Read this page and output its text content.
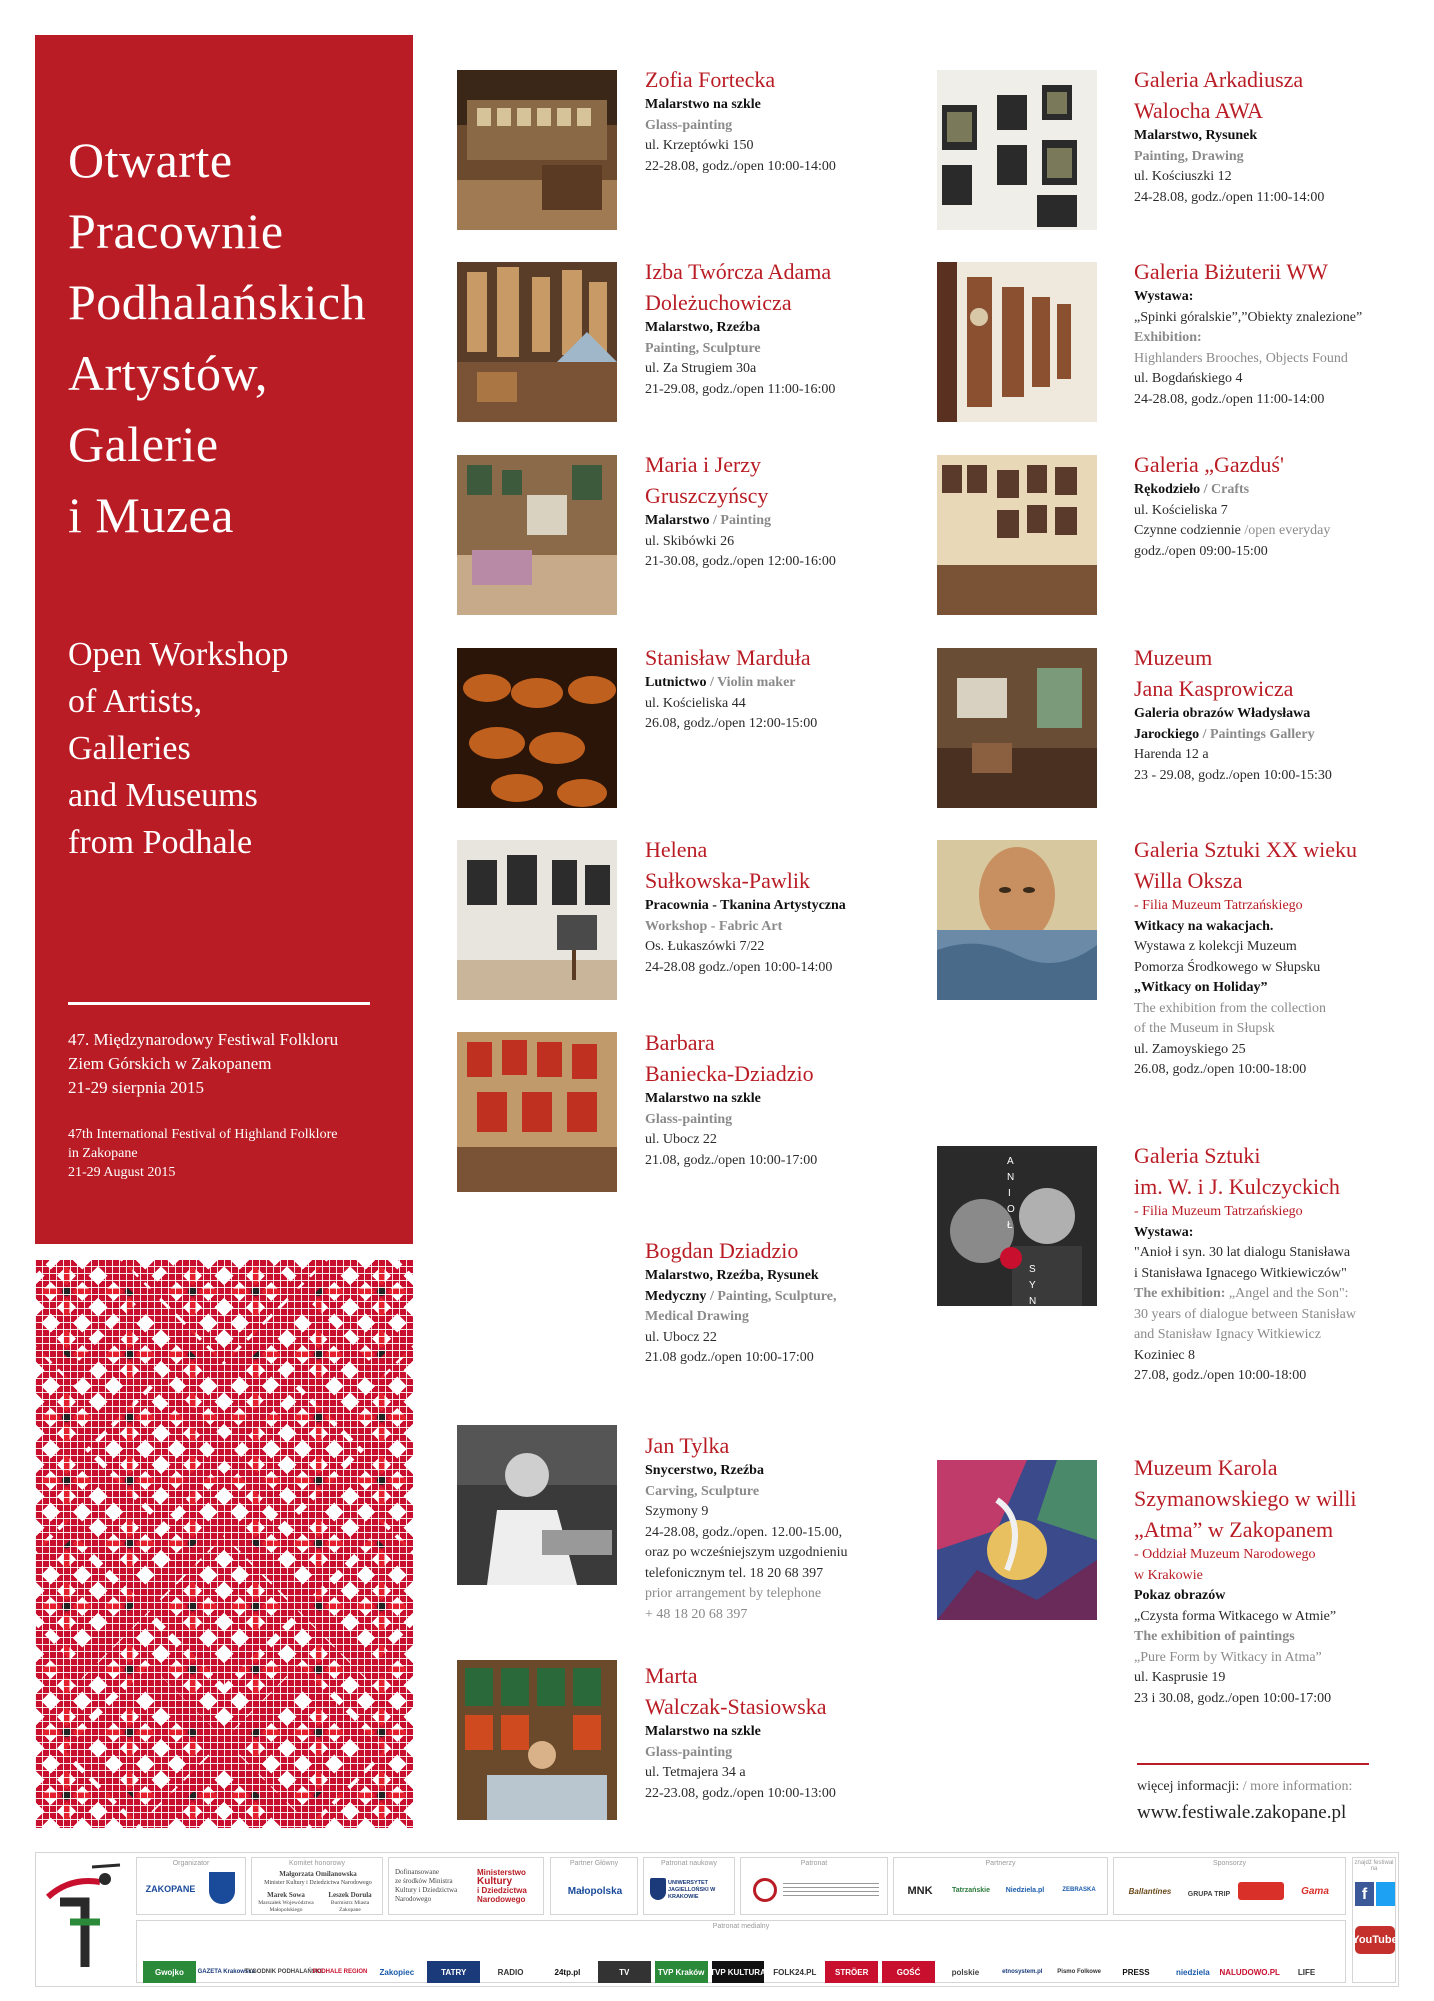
Otwarte
Pracownie
Podhalańskich
Artystów,
Galerie
i Muzea
Open Workshop
of Artists,
Galleries
and Museums
from Podhale
47. Międzynarodowy Festiwal Folkloru
Ziem Górskich w Zakopanem
21-29 sierpnia 2015
47th International Festival of Highland Folklore
in Zakopane
21-29 August 2015
A
N
I
O
Ł
S
Y
N
Zofia Fortecka
Malarstwo na szkle
Glass-painting
ul. Krzeptówki 150
22-28.08, godz./open 10:00-14:00
Izba Twórcza Adama
Doleżuchowicza
Malarstwo, Rzeźba
Painting, Sculpture
ul. Za Strugiem 30a
21-29.08, godz./open 11:00-16:00
Maria i Jerzy
Gruszczyńscy
Malarstwo / Painting
ul. Skibówki 26
21-30.08, godz./open 12:00-16:00
Stanisław Marduła
Lutnictwo / Violin maker
ul. Kościeliska 44
26.08, godz./open 12:00-15:00
Helena
Sułkowska-Pawlik
Pracownia - Tkanina Artystyczna
Workshop - Fabric Art
Os. Łukaszówki 7/22
24-28.08 godz./open 10:00-14:00
Barbara
Baniecka-Dziadzio
Malarstwo na szkle
Glass-painting
ul. Ubocz 22
21.08, godz./open 10:00-17:00
Bogdan Dziadzio
Malarstwo, Rzeźba, Rysunek
Medyczny / Painting, Sculpture,
Medical Drawing
ul. Ubocz 22
21.08 godz./open 10:00-17:00
Jan Tylka
Snycerstwo, Rzeźba
Carving, Sculpture
Szymony 9
24-28.08, godz./open. 12.00-15.00,
oraz po wcześniejszym uzgodnieniu
telefonicznym tel. 18 20 68 397
prior arrangement by telephone
+ 48 18 20 68 397
Marta
Walczak-Stasiowska
Malarstwo na szkle
Glass-painting
ul. Tetmajera 34 a
22-23.08, godz./open 10:00-13:00
Galeria Arkadiusza
Walocha AWA
Malarstwo, Rysunek
Painting, Drawing
ul. Kościuszki 12
24-28.08, godz./open 11:00-14:00
Galeria Biżuterii WW
Wystawa:
„Spinki góralskie”,”Obiekty znalezione”
Exhibition:
Highlanders Brooches, Objects Found
ul. Bogdańskiego 4
24-28.08, godz./open 11:00-14:00
Galeria „Gazduś'
Rękodzieło / Crafts
ul. Kościeliska 7
Czynne codziennie /open everyday
godz./open 09:00-15:00
Muzeum
Jana Kasprowicza
Galeria obrazów Władysława
Jarockiego / Paintings Gallery
Harenda 12 a
23 - 29.08, godz./open 10:00-15:30
Galeria Sztuki XX wieku
Willa Oksza
- Filia Muzeum Tatrzańskiego
Witkacy na wakacjach.
Wystawa z kolekcji Muzeum
Pomorza Środkowego w Słupsku
„Witkacy on Holiday”
The exhibition from the collection
of the Museum in Słupsk
ul. Zamoyskiego 25
26.08, godz./open 10:00-18:00
Galeria Sztuki
im. W. i J. Kulczyckich
- Filia Muzeum Tatrzańskiego
Wystawa:
"Anioł i syn. 30 lat dialogu Stanisława
i Stanisława Ignacego Witkiewiczów"
The exhibition: „Angel and the Son":
30 years of dialogue between Stanisław
and Stanisław Ignacy Witkiewicz
Koziniec 8
27.08, godz./open 10:00-18:00
Muzeum Karola
Szymanowskiego w willi
„Atma” w Zakopanem
- Oddział Muzeum Narodowego
w Krakowie
Pokaz obrazów
„Czysta forma Witkacego w Atmie”
The exhibition of paintings
„Pure Form by Witkacy in Atma”
ul. Kasprusie 19
23 i 30.08, godz./open 10:00-17:00
więcej informacji: / more information:
www.festiwale.zakopane.pl
Organizator
ZAKOPANE
Komitet honorowy
Małgorzata Omilanowska
Minister Kultury i Dziedzictwa Narodowego
Marek Sowa	Leszek Dorula
Marszałek Województwa Małopolskiego
Burmistrz Miasta Zakopane
Dofinansowane
ze środków Ministra
Kultury i Dziedzictwa
Narodowego
Ministerstwo
Kultury
i Dziedzictwa
Narodowego
Partner Główny
Małopolska
Patronat naukowy
UNIWERSYTET JAGIELLOŃSKI W KRAKOWIE
Patronat	Partnerzy
MNK	Tatrzańskie	Niedziela.pl	ZEBRASKA
Sponsorzy
Ballantines	GRUPA TRIP	Gama
znajdź festiwal na
f
YouTube
Patronat medialny
Gwojko	GAZETA Krakowska
TYGODNIK PODHALAŃSKI
PODHALE REGION	Zakopiec	TATRY	RADIO	24tp.pl	TV	TVP Kraków TVP KULTURA FOLK24.PL	STRÖER	GOŚĆ	polskie	etnosystem.pl	Pismo Folkowe	PRESS	niedziela	NALUDOWO.PL	LIFE
